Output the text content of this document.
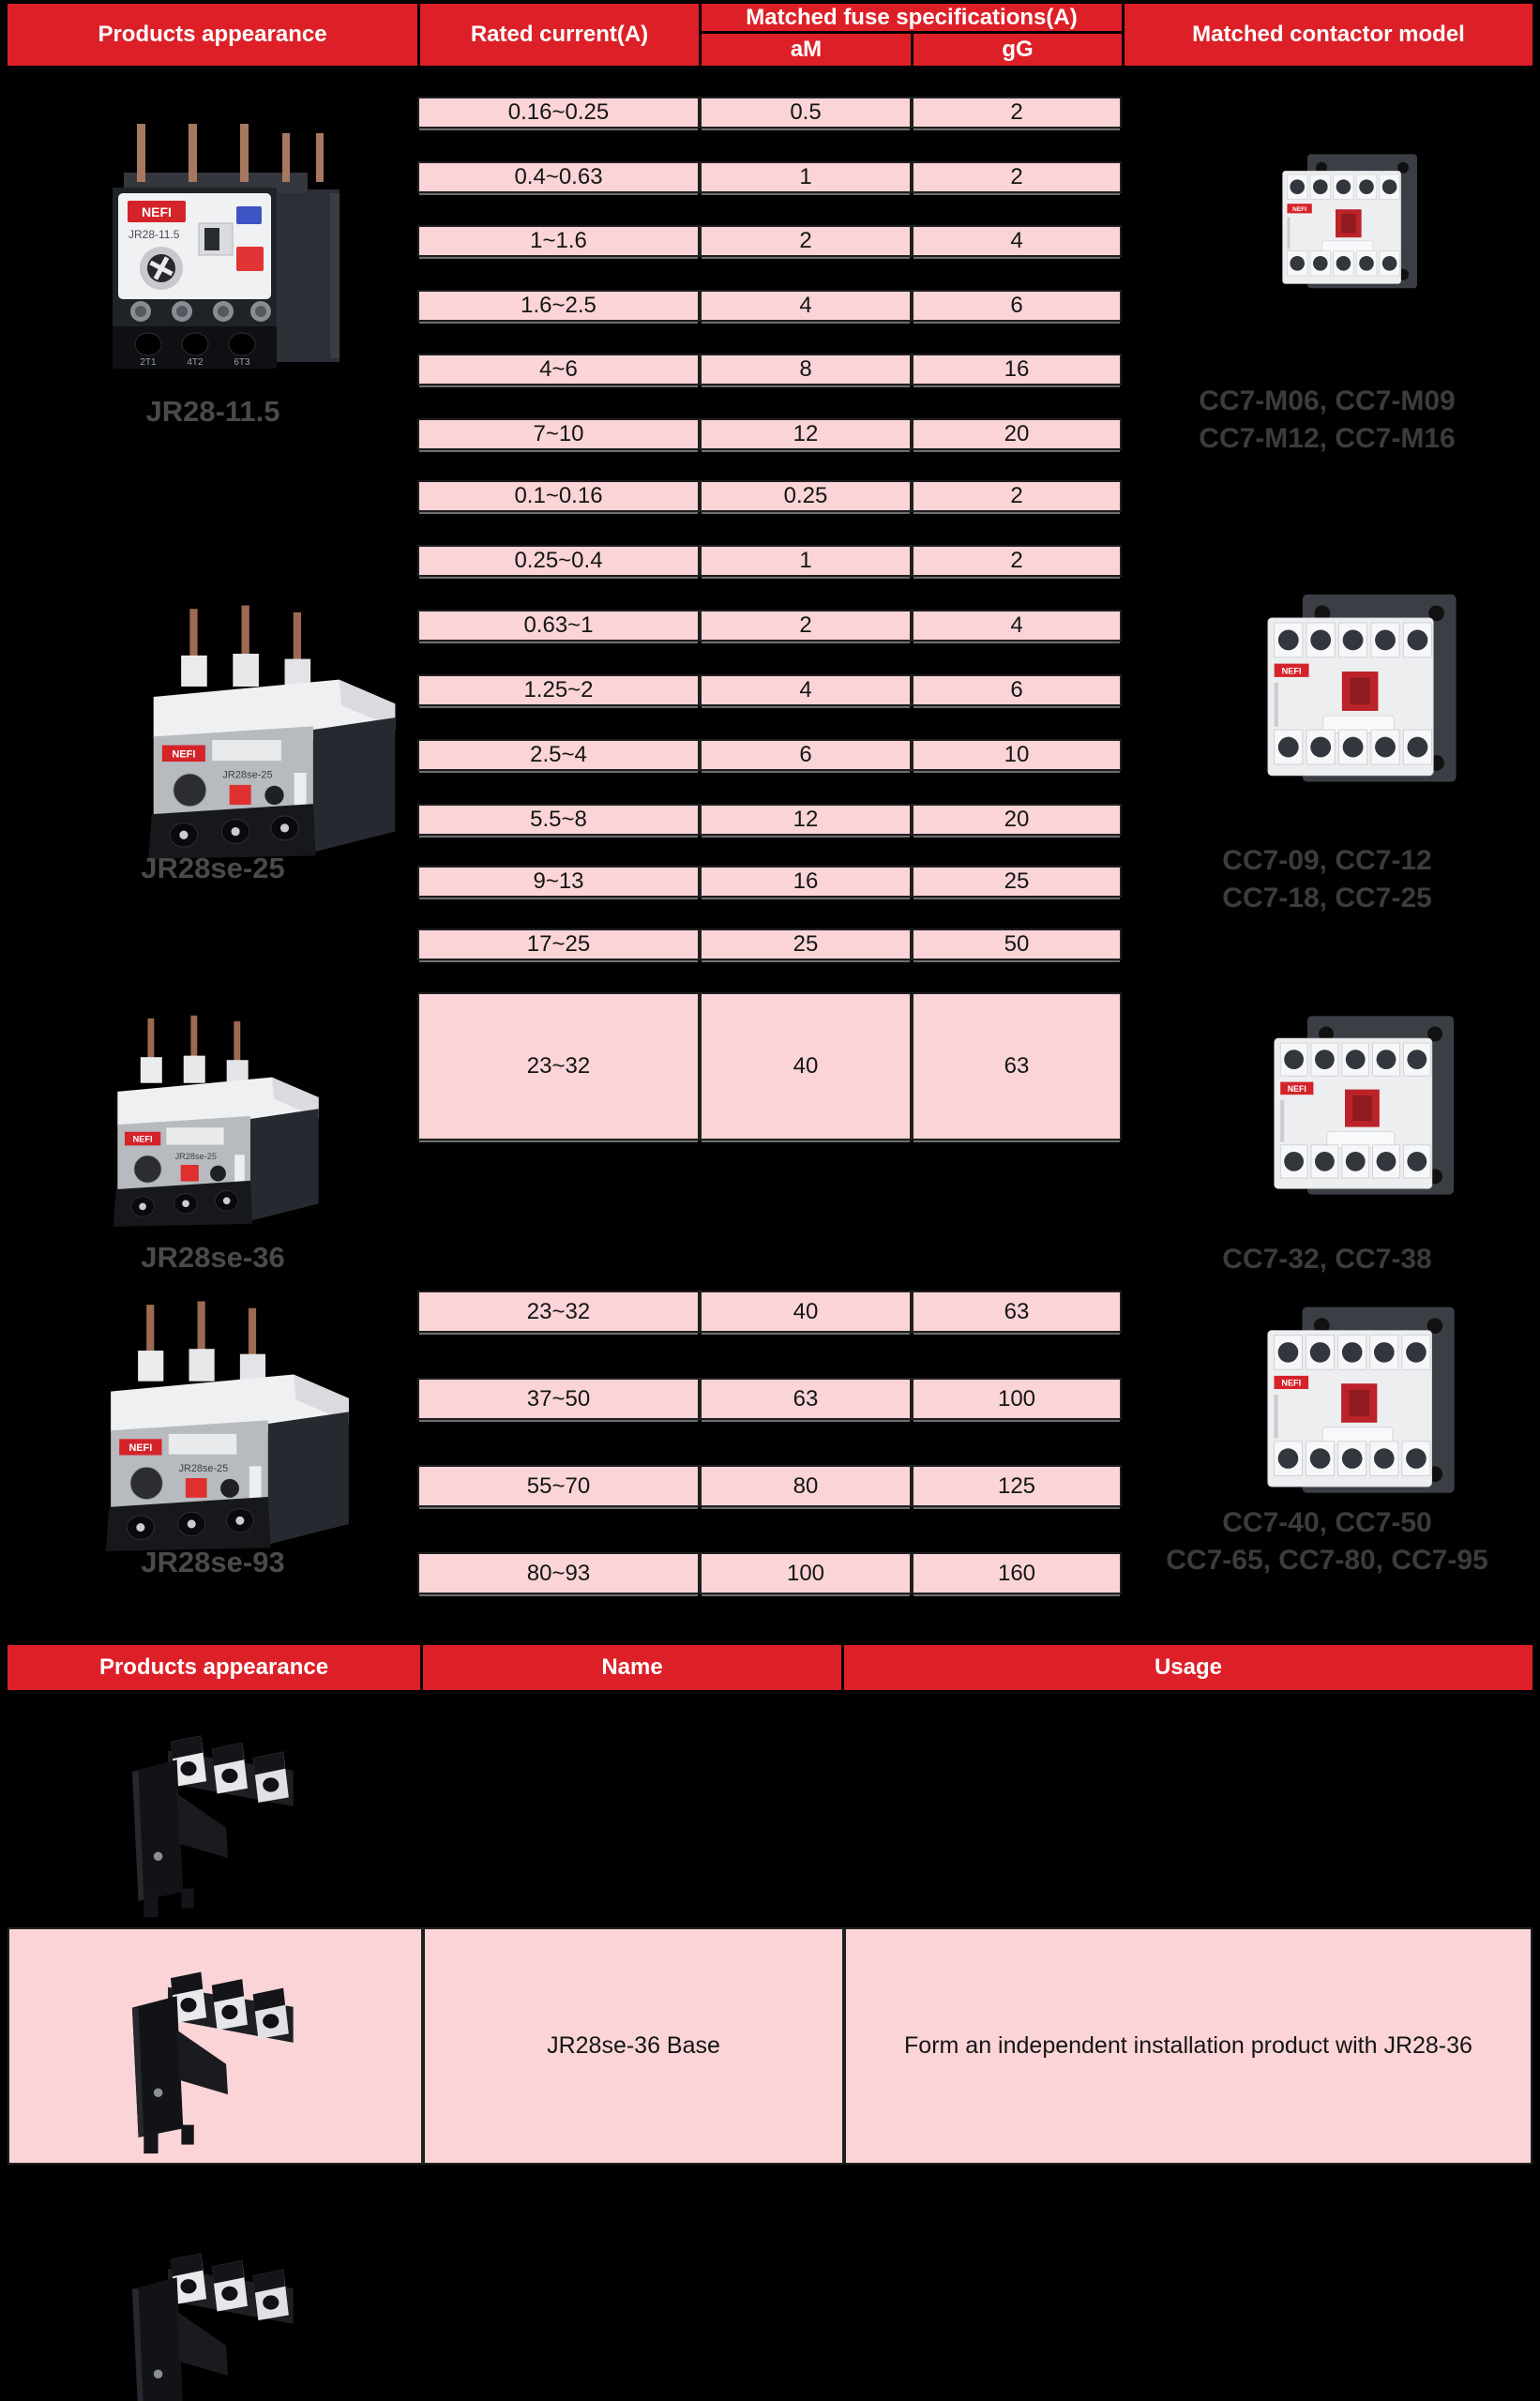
Products appearance	Rated current(A)
Matched fuse specifications(A)
aM	gG
Matched contactor model
NEFI
JR28-11.5
2T1	4T2	6T3
JR28-11.5
0.16~0.25	0.5	2
0.4~0.63	1	2
1~1.6	2	4
1.6~2.5	4	6
4~6	8	16
7~10	12	20
CC7-M06, CC7-M09
CC7-M12, CC7-M16
JR28se-25
0.1~0.16	0.25	2
0.25~0.4	1	2
0.63~1	2	4
1.25~2	4	6
2.5~4	6	10
5.5~8	12	20
9~13	16	25
17~25	25	50
CC7-09, CC7-12
CC7-18, CC7-25
JR28se-36
23~32	40	63
CC7-32, CC7-38
JR28se-93
23~32	40	63
37~50	63	100
55~70	80	125
80~93	100	160
CC7-40, CC7-50
CC7-65, CC7-80, CC7-95
Products appearance	Name	Usage
JR28se-36 Base	Form an independent installation product with JR28-36
